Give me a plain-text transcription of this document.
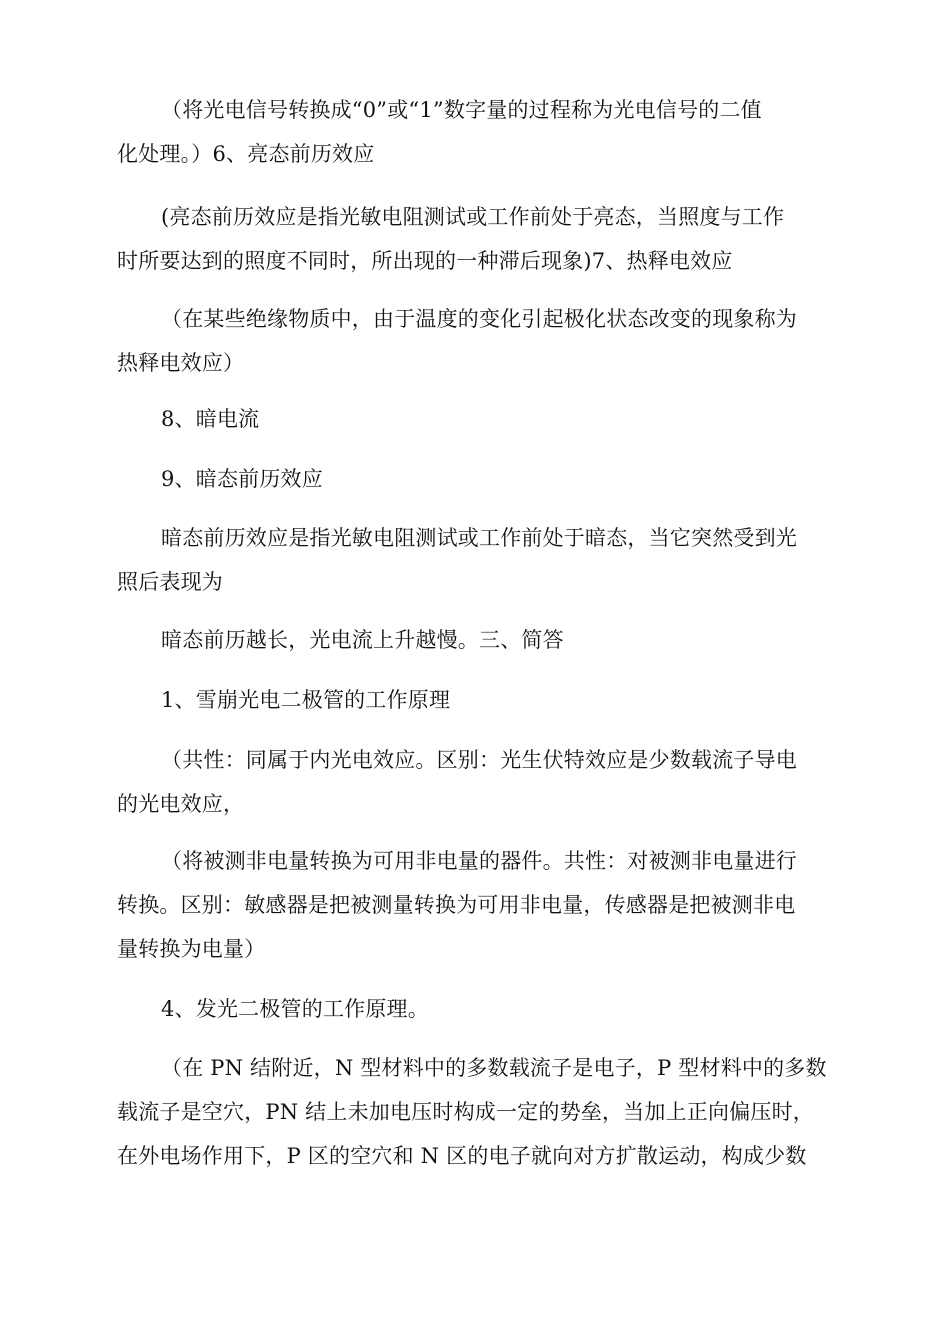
（将光电信号转换成“0”或“1”数字量的过程称为光电信号的二值
化处理。）6、亮态前历效应

(亮态前历效应是指光敏电阻测试或工作前处于亮态，当照度与工作
时所要达到的照度不同时，所出现的一种滞后现象)7、热释电效应

（在某些绝缘物质中，由于温度的变化引起极化状态改变的现象称为
热释电效应）

8、暗电流

9、暗态前历效应

暗态前历效应是指光敏电阻测试或工作前处于暗态，当它突然受到光
照后表现为

暗态前历越长，光电流上升越慢。三、简答

1、雪崩光电二极管的工作原理

（共性：同属于内光电效应。区别：光生伏特效应是少数载流子导电
的光电效应，

（将被测非电量转换为可用非电量的器件。共性：对被测非电量进行
转换。区别：敏感器是把被测量转换为可用非电量，传感器是把被测非电
量转换为电量）

4、发光二极管的工作原理。

（在 PN 结附近，N 型材料中的多数载流子是电子，P 型材料中的多数
载流子是空穴，PN 结上未加电压时构成一定的势垒，当加上正向偏压时，
在外电场作用下，P 区的空穴和 N 区的电子就向对方扩散运动，构成少数
